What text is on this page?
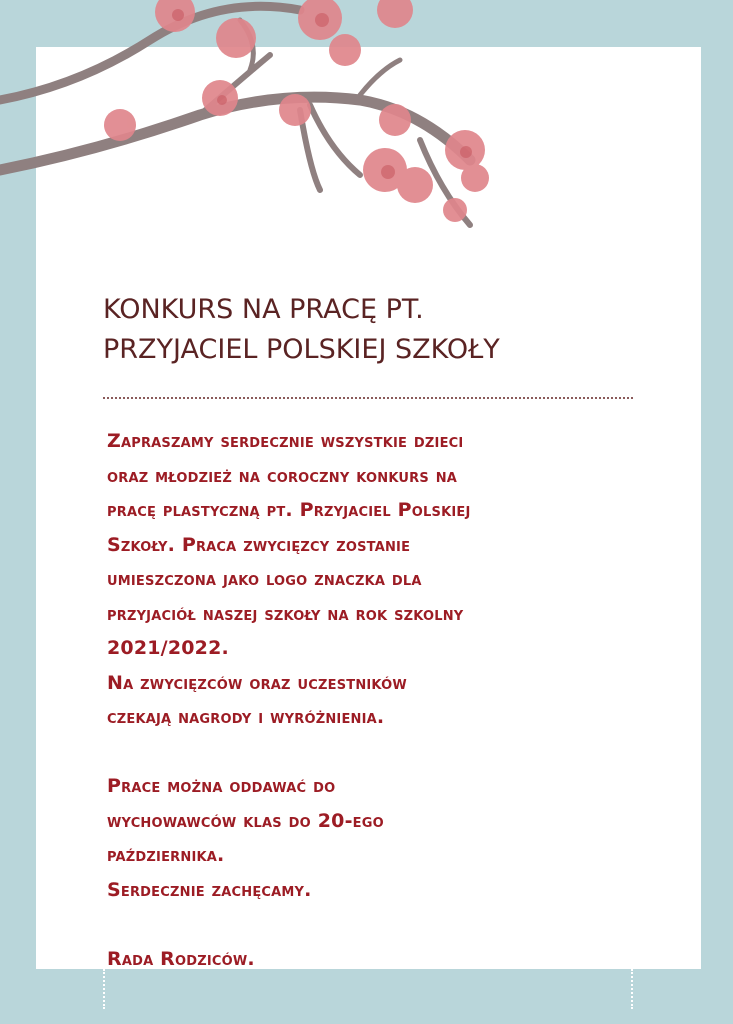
KONKURS NA PRACĘ PT.
PRZYJACIEL POLSKIEJ SZKOŁY

Zapraszamy serdecznie wszystkie dzieci

oraz młodzież na coroczny konkurs na

pracę plastyczną pt. Przyjaciel Polskiej

Szkoły. Praca zwycięzcy zostanie

umieszczona jako logo znaczka dla

przyjaciół naszej szkoły na rok szkolny

2021/2022.

Na zwycięzców oraz uczestników

czekają nagrody i wyróżnienia.

Prace można oddawać do

wychowawców klas do 20-ego

października.

Serdecznie zachęcamy.

Rada Rodziców.
